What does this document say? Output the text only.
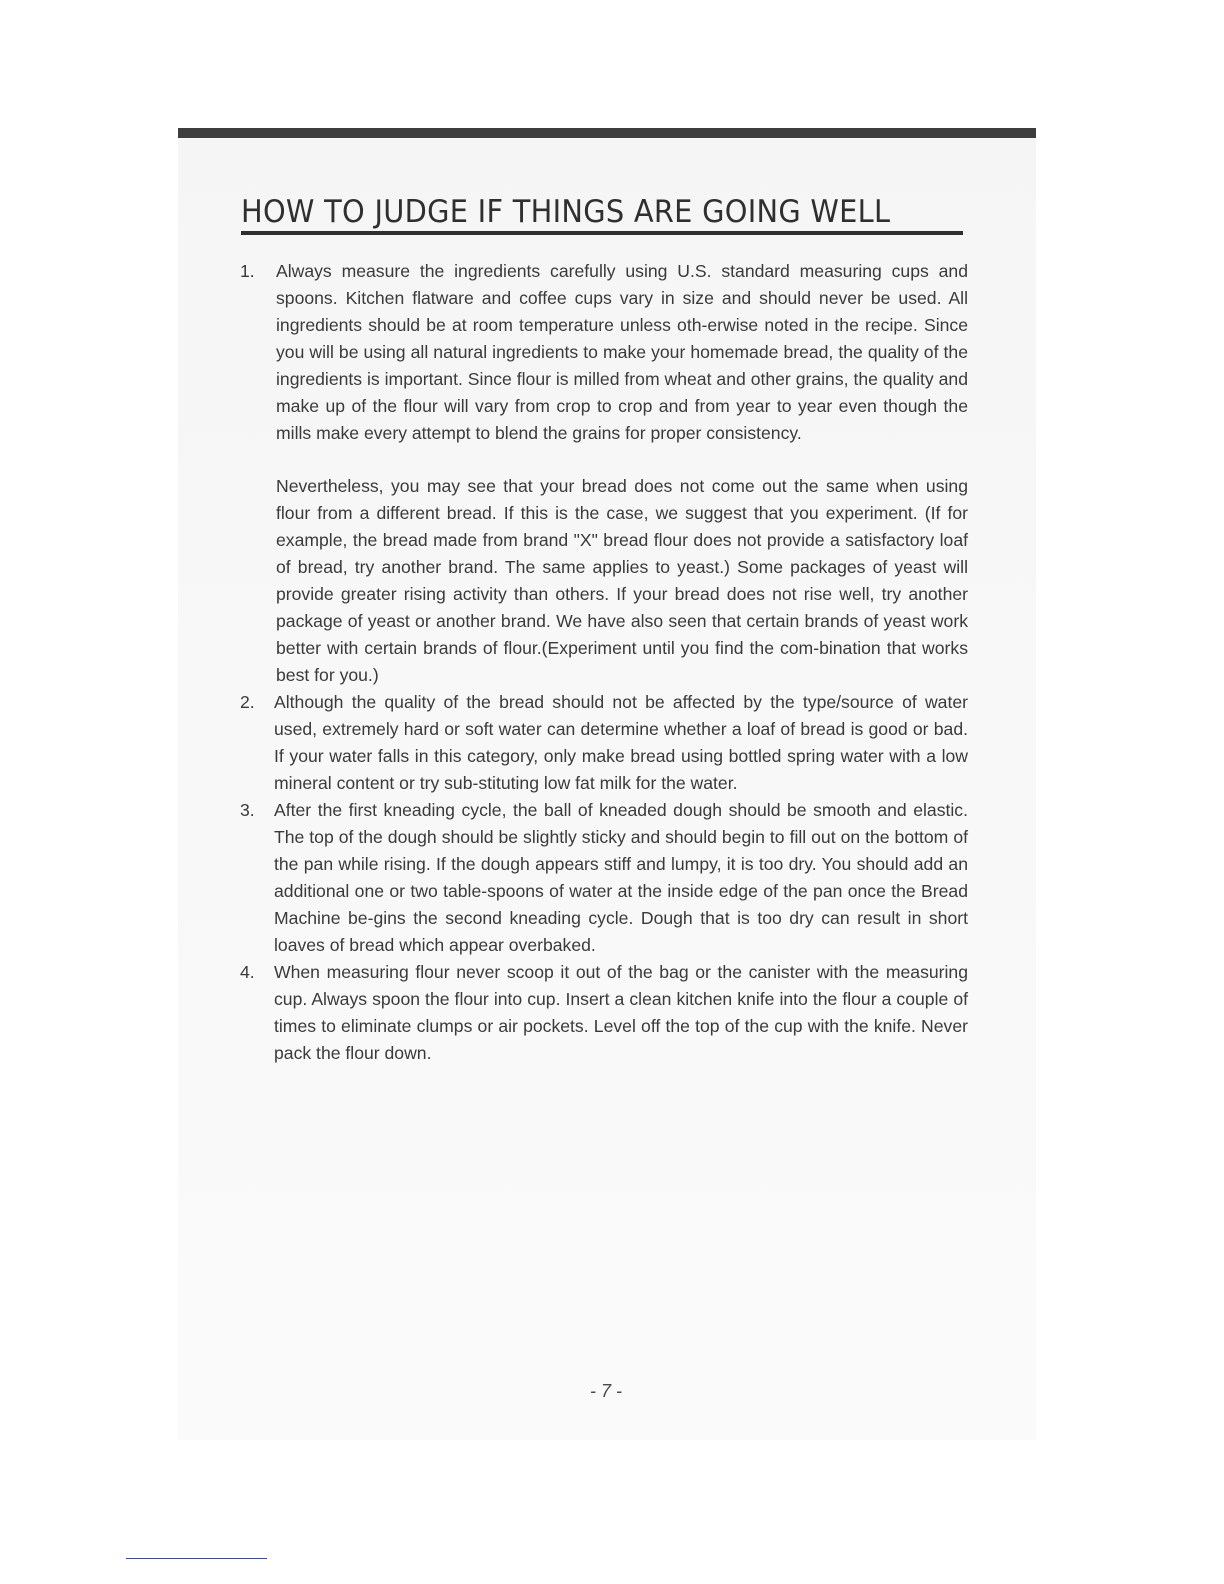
HOW TO JUDGE IF THINGS ARE GOING WELL
1. Always measure the ingredients carefully using U.S. standard measuring cups and spoons. Kitchen flatware and coffee cups vary in size and should never be used. All ingredients should be at room temperature unless oth-erwise noted in the recipe. Since you will be using all natural ingredients to make your homemade bread, the quality of the ingredients is important. Since flour is milled from wheat and other grains, the quality and make up of the flour will vary from crop to crop and from year to year even though the mills make every attempt to blend the grains for proper consistency.

Nevertheless, you may see that your bread does not come out the same when using flour from a different bread. If this is the case, we suggest that you experiment. (If for example, the bread made from brand "X" bread flour does not provide a satisfactory loaf of bread, try another brand. The same applies to yeast.) Some packages of yeast will provide greater rising activity than others. If your bread does not rise well, try another package of yeast or another brand. We have also seen that certain brands of yeast work better with certain brands of flour.(Experiment until you find the com-bination that works best for you.)

2. Although the quality of the bread should not be affected by the type/source of water used, extremely hard or soft water can determine whether a loaf of bread is good or bad. If your water falls in this category, only make bread using bottled spring water with a low mineral content or try sub-stituting low fat milk for the water.

3. After the first kneading cycle, the ball of kneaded dough should be smooth and elastic. The top of the dough should be slightly sticky and should begin to fill out on the bottom of the pan while rising. If the dough appears stiff and lumpy, it is too dry. You should add an additional one or two table-spoons of water at the inside edge of the pan once the Bread Machine be-gins the second kneading cycle. Dough that is too dry can result in short loaves of bread which appear overbaked.

4. When measuring flour never scoop it out of the bag or the canister with the measuring cup. Always spoon the flour into cup. Insert a clean kitchen knife into the flour a couple of times to eliminate clumps or air pockets. Level off the top of the cup with the knife. Never pack the flour down.

- 7 -
